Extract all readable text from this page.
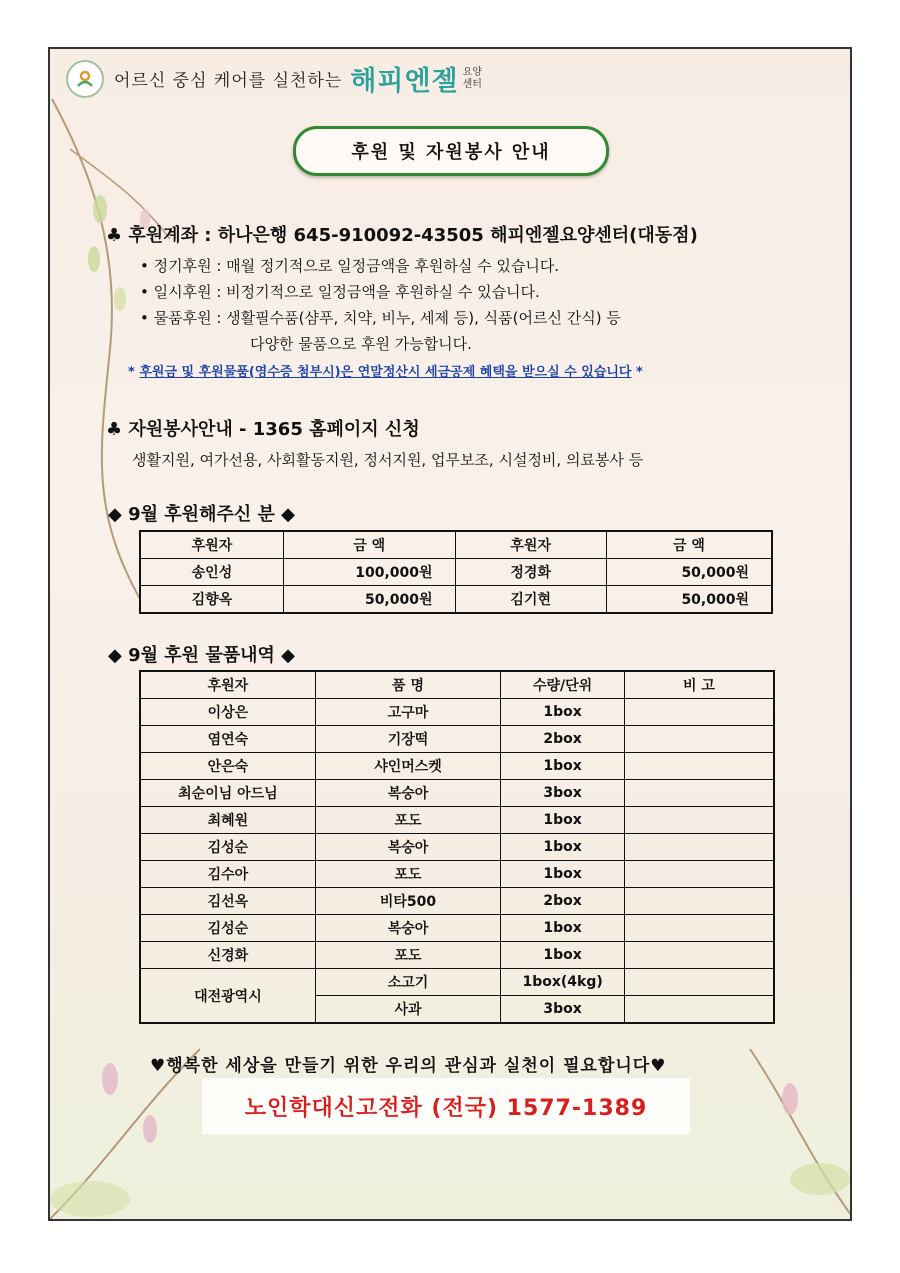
어르신 중심 케어를 실천하는 해피엔젤 요양
센터
후원 및 자원봉사 안내
♣ 후원계좌 : 하나은행 645-910092-43505 해피엔젤요양센터(대동점)
• 정기후원 : 매월 정기적으로 일정금액을 후원하실 수 있습니다.
• 일시후원 : 비정기적으로 일정금액을 후원하실 수 있습니다.
• 물품후원 : 생활필수품(샴푸, 치약, 비누, 세제 등), 식품(어르신 간식) 등
다양한 물품으로 후원 가능합니다.
* 후원금 및 후원물품(영수증 첨부시)은 연말정산시 세금공제 혜택을 받으실 수 있습니다 *
♣ 자원봉사안내 - 1365 홈페이지 신청
생활지원, 여가선용, 사회활동지원, 정서지원, 업무보조, 시설정비, 의료봉사 등
◆ 9월 후원해주신 분 ◆
후원자	금 액	후원자	금 액
송인성	100,000원	정경화	50,000원
김향옥	50,000원	김기현	50,000원
◆ 9월 후원 물품내역 ◆
후원자	품 명	수량/단위	비 고
이상은	고구마	1box	
염연숙	기장떡	2box	
안은숙	샤인머스켓	1box	
최순이님 아드님	복숭아	3box	
최혜원	포도	1box	
김성순	복숭아	1box	
김수아	포도	1box	
김선옥	비타500	2box	
김성순	복숭아	1box	
신경화	포도	1box	
대전광역시	소고기	1box(4kg)	
	사과	3box	
♥행복한 세상을 만들기 위한 우리의 관심과 실천이 필요합니다♥
노인학대신고전화 (전국) 1577-1389
